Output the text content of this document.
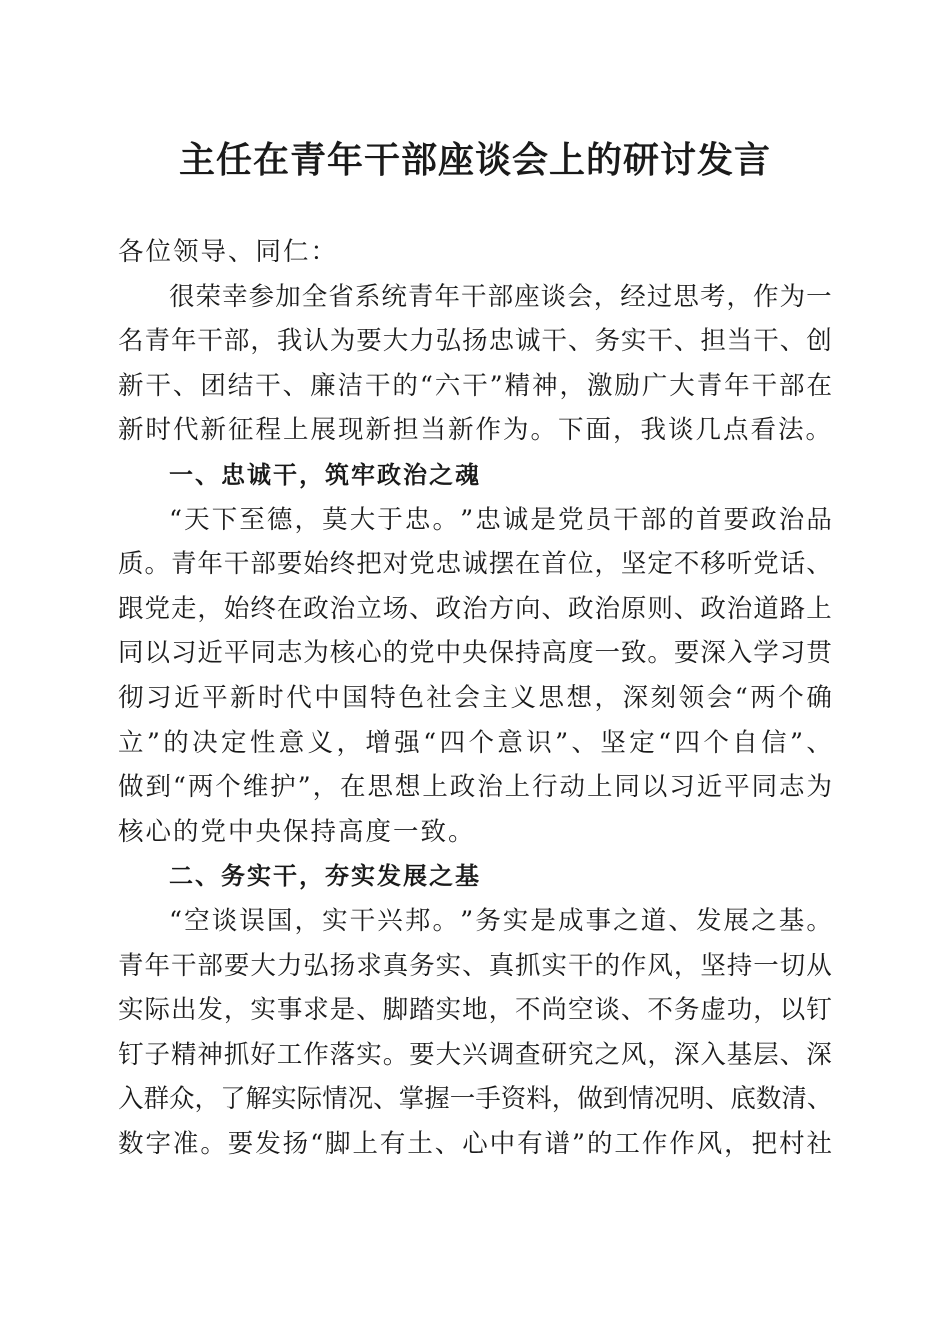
主任在青年干部座谈会上的研讨发言
各位领导、同仁：
很 荣 幸 参 加 全 省 系 统 青 年 干 部 座 谈 会 ， 经 过 思 考 ， 作 为 一
名 青 年 干 部 ， 我 认 为 要 大 力 弘 扬 忠 诚 干 、 务 实 干 、 担 当 干 、 创
新 干 、 团 结 干 、 廉 洁 干 的 “ 六 干 ” 精 神 ， 激 励 广 大 青 年 干 部 在
新时代新征程上展现新担当新作为。下面，我谈几点看法。
一、忠诚干，筑牢政治之魂
“ 天 下 至 德 ， 莫 大 于 忠 。 ” 忠 诚 是 党 员 干 部 的 首 要 政 治 品
质 。 青 年 干 部 要 始 终 把 对 党 忠 诚 摆 在 首 位 ， 坚 定 不 移 听 党 话 、
跟 党 走 ， 始 终 在 政 治 立 场 、 政 治 方 向 、 政 治 原 则 、 政 治 道 路 上
同 以 习 近 平 同 志 为 核 心 的 党 中 央 保 持 高 度 一 致 。 要 深 入 学 习 贯
彻 习 近 平 新 时 代 中 国 特 色 社 会 主 义 思 想 ， 深 刻 领 会 “ 两 个 确
立 ” 的 决 定 性 意 义 ， 增 强 “ 四 个 意 识 ” 、 坚 定 “ 四 个 自 信 ” 、
做 到 “ 两 个 维 护 ” ， 在 思 想 上 政 治 上 行 动 上 同 以 习 近 平 同 志 为
核心的党中央保持高度一致。
二、务实干，夯实发展之基
“ 空 谈 误 国 ， 实 干 兴 邦 。 ” 务 实 是 成 事 之 道 、 发 展 之 基 。
青 年 干 部 要 大 力 弘 扬 求 真 务 实 、 真 抓 实 干 的 作 风 ， 坚 持 一 切 从
实 际 出 发 ， 实 事 求 是 、 脚 踏 实 地 ， 不 尚 空 谈 、 不 务 虚 功 ， 以 钉
钉 子 精 神 抓 好 工 作 落 实 。 要 大 兴 调 查 研 究 之 风 ， 深 入 基 层 、 深
入 群 众 ， 了 解 实 际 情 况 、 掌 握 一 手 资 料 ， 做 到 情 况 明 、 底 数 清 、
数 字 准 。 要 发 扬 “ 脚 上 有 土 、 心 中 有 谱 ” 的 工 作 作 风 ， 把 村 社
